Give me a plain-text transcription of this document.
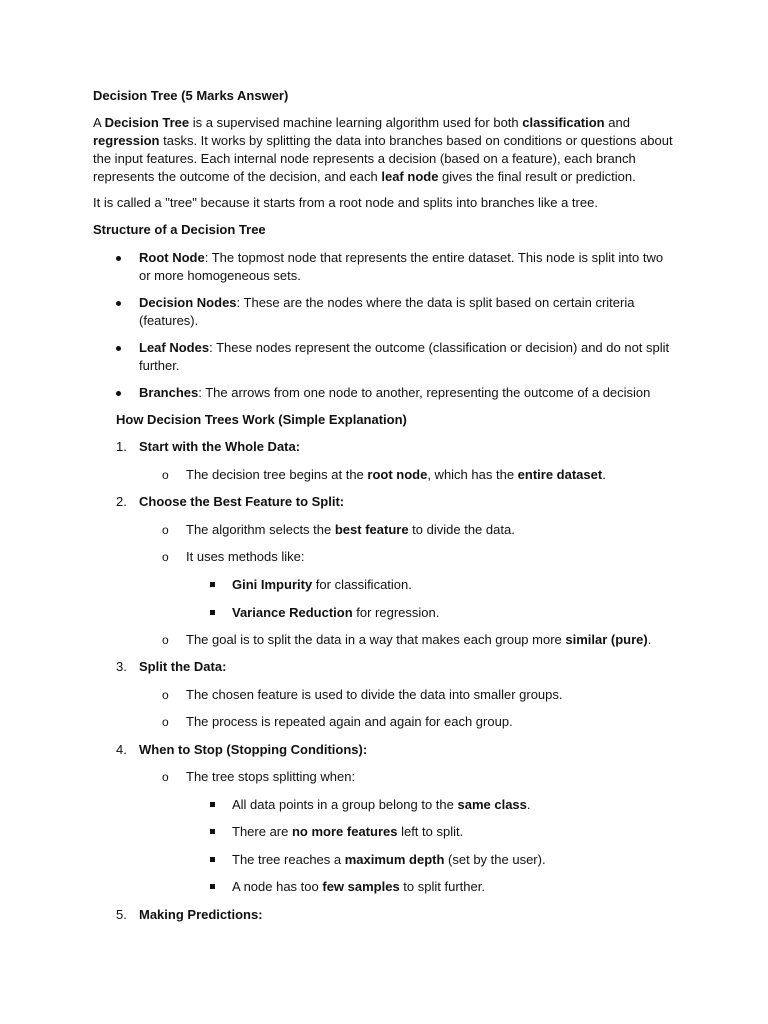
Decision Tree (5 Marks Answer)

A Decision Tree is a supervised machine learning algorithm used for both classification and regression tasks. It works by splitting the data into branches based on conditions or questions about the input features. Each internal node represents a decision (based on a feature), each branch represents the outcome of the decision, and each leaf node gives the final result or prediction.

It is called a "tree" because it starts from a root node and splits into branches like a tree.
Structure of a Decision Tree
Root Node: The topmost node that represents the entire dataset. This node is split into two or more homogeneous sets.
Decision Nodes: These are the nodes where the data is split based on certain criteria (features).
Leaf Nodes: These nodes represent the outcome (classification or decision) and do not split further.
Branches: The arrows from one node to another, representing the outcome of a decision
How Decision Trees Work (Simple Explanation)
1. Start with the Whole Data:
o The decision tree begins at the root node, which has the entire dataset.
2. Choose the Best Feature to Split:
o The algorithm selects the best feature to divide the data.
o It uses methods like:
Gini Impurity for classification.
Variance Reduction for regression.
o The goal is to split the data in a way that makes each group more similar (pure).
3. Split the Data:
o The chosen feature is used to divide the data into smaller groups.
o The process is repeated again and again for each group.
4. When to Stop (Stopping Conditions):
o The tree stops splitting when:
All data points in a group belong to the same class.
There are no more features left to split.
The tree reaches a maximum depth (set by the user).
A node has too few samples to split further.
5. Making Predictions:
